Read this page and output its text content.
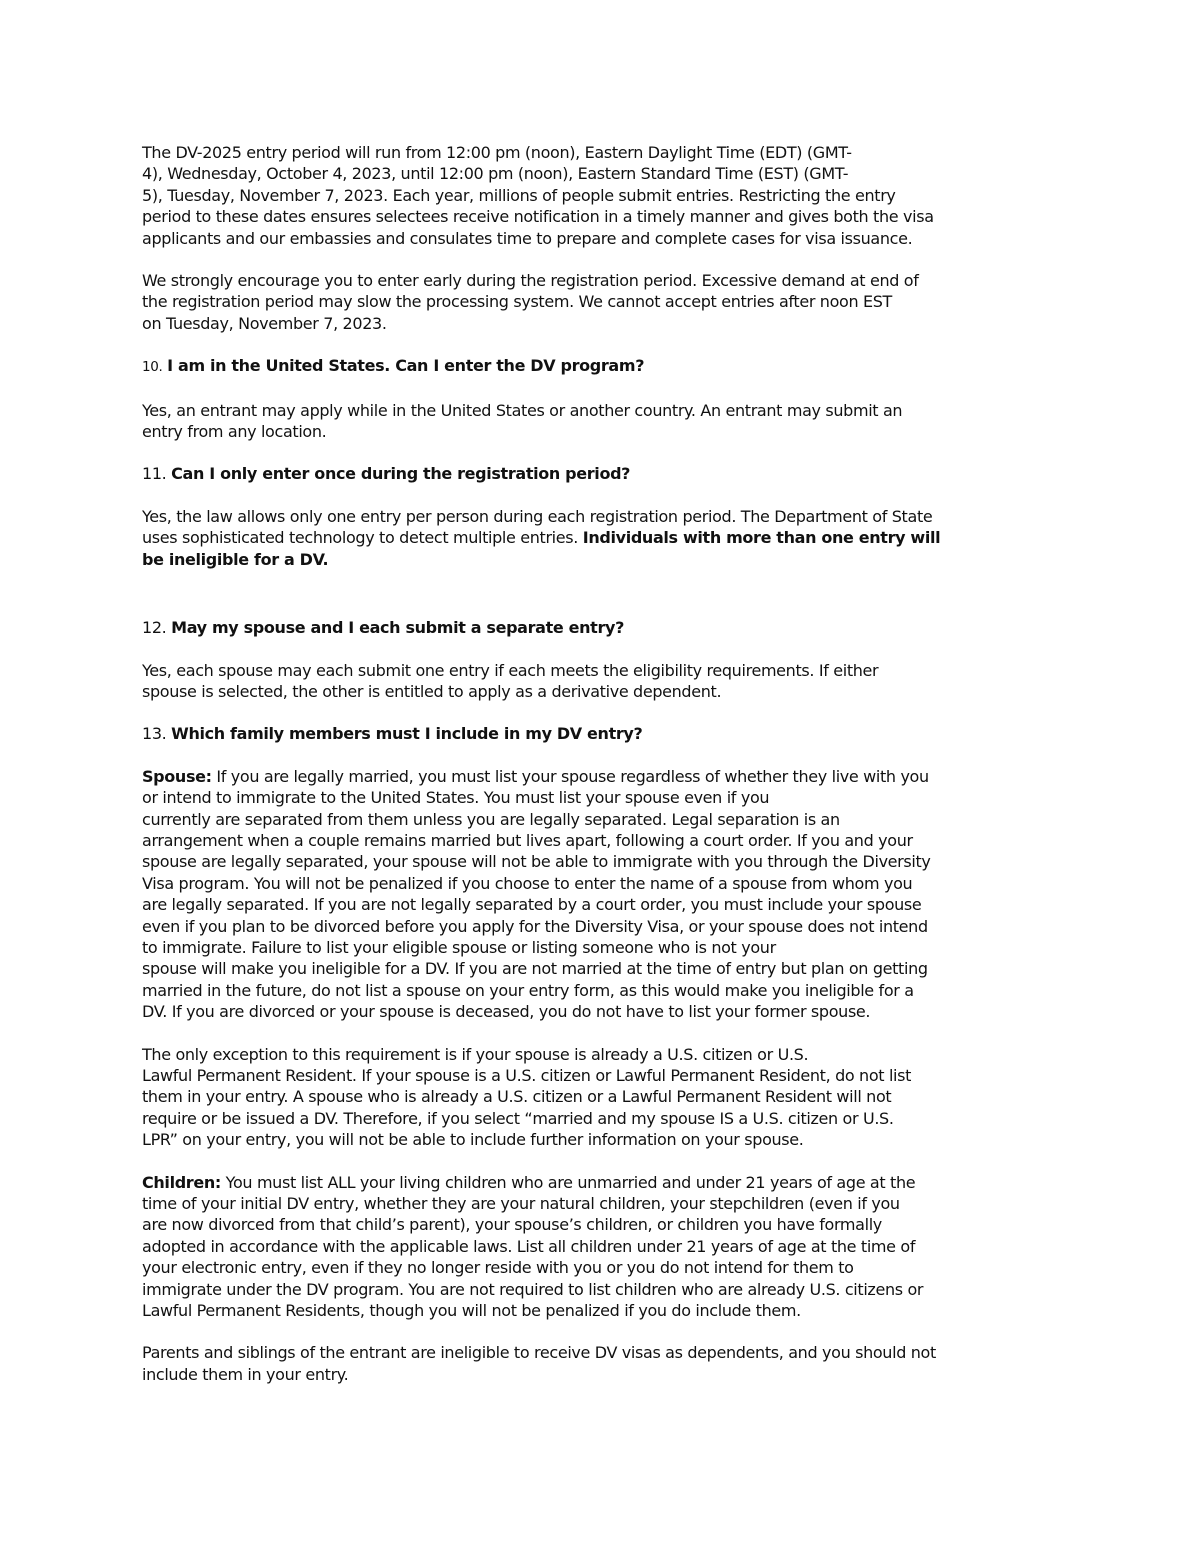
The DV-2025 entry period will run from 12:00 pm (noon), Eastern Daylight Time (EDT) (GMT-
4), Wednesday, October 4, 2023, until 12:00 pm (noon), Eastern Standard Time (EST) (GMT-
5), Tuesday, November 7, 2023. Each year, millions of people submit entries. Restricting the entry
period to these dates ensures selectees receive notification in a timely manner and gives both the visa
applicants and our embassies and consulates time to prepare and complete cases for visa issuance.

We strongly encourage you to enter early during the registration period. Excessive demand at end of
the registration period may slow the processing system. We cannot accept entries after noon EST
on Tuesday, November 7, 2023.

10. I am in the United States. Can I enter the DV program?

Yes, an entrant may apply while in the United States or another country. An entrant may submit an
entry from any location.

11. Can I only enter once during the registration period?

Yes, the law allows only one entry per person during each registration period. The Department of State
uses sophisticated technology to detect multiple entries. Individuals with more than one entry will
be ineligible for a DV.

12. May my spouse and I each submit a separate entry?

Yes, each spouse may each submit one entry if each meets the eligibility requirements. If either
spouse is selected, the other is entitled to apply as a derivative dependent.

13. Which family members must I include in my DV entry?

Spouse: If you are legally married, you must list your spouse regardless of whether they live with you
or intend to immigrate to the United States. You must list your spouse even if you
currently are separated from them unless you are legally separated. Legal separation is an
arrangement when a couple remains married but lives apart, following a court order. If you and your
spouse are legally separated, your spouse will not be able to immigrate with you through the Diversity
Visa program. You will not be penalized if you choose to enter the name of a spouse from whom you
are legally separated. If you are not legally separated by a court order, you must include your spouse
even if you plan to be divorced before you apply for the Diversity Visa, or your spouse does not intend
to immigrate. Failure to list your eligible spouse or listing someone who is not your
spouse will make you ineligible for a DV. If you are not married at the time of entry but plan on getting
married in the future, do not list a spouse on your entry form, as this would make you ineligible for a
DV. If you are divorced or your spouse is deceased, you do not have to list your former spouse.

The only exception to this requirement is if your spouse is already a U.S. citizen or U.S.
Lawful Permanent Resident. If your spouse is a U.S. citizen or Lawful Permanent Resident, do not list
them in your entry. A spouse who is already a U.S. citizen or a Lawful Permanent Resident will not
require or be issued a DV. Therefore, if you select “married and my spouse IS a U.S. citizen or U.S.
LPR” on your entry, you will not be able to include further information on your spouse.

Children: You must list ALL your living children who are unmarried and under 21 years of age at the
time of your initial DV entry, whether they are your natural children, your stepchildren (even if you
are now divorced from that child’s parent), your spouse’s children, or children you have formally
adopted in accordance with the applicable laws. List all children under 21 years of age at the time of
your electronic entry, even if they no longer reside with you or you do not intend for them to
immigrate under the DV program. You are not required to list children who are already U.S. citizens or
Lawful Permanent Residents, though you will not be penalized if you do include them.

Parents and siblings of the entrant are ineligible to receive DV visas as dependents, and you should not
include them in your entry.
